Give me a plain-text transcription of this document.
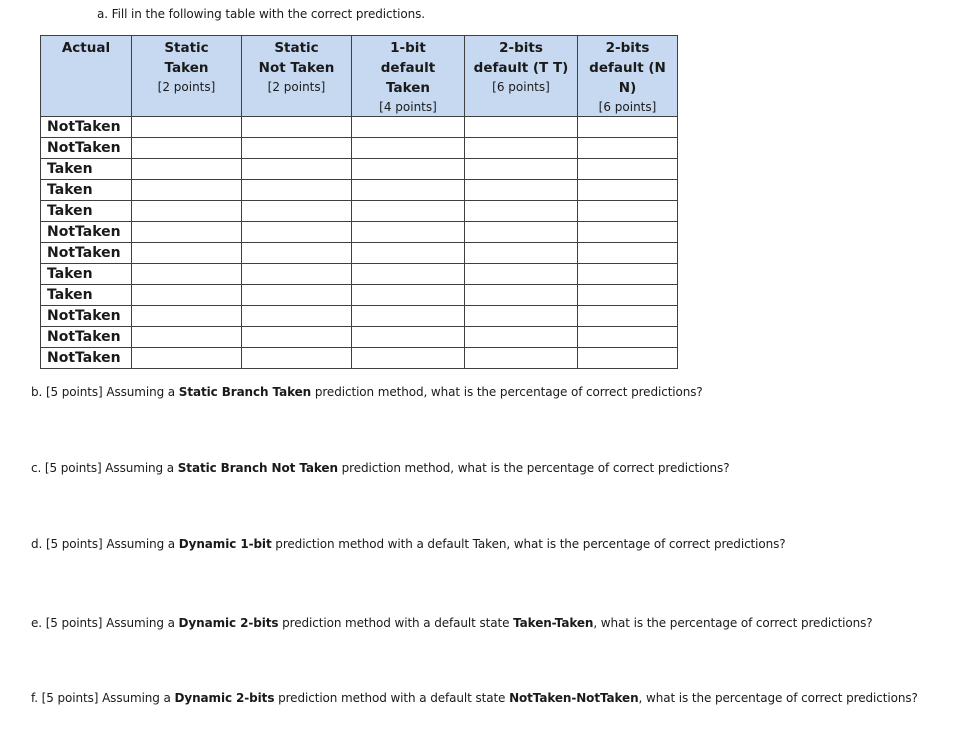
a. Fill in the following table with the correct predictions.
Actual	Static
Taken
[2 points]	Static
Not Taken
[2 points]	1-bit
default
Taken
[4 points]	2-bits
default (T T)
[6 points]	2-bits
default (N
N)
[6 points]

NotTaken					
NotTaken					
Taken					
Taken					
Taken					
NotTaken					
NotTaken					
Taken					
Taken					
NotTaken					
NotTaken					
NotTaken					
b. [5 points] Assuming a Static Branch Taken prediction method, what is the percentage of correct predictions?
c. [5 points] Assuming a Static Branch Not Taken prediction method, what is the percentage of correct predictions?
d. [5 points] Assuming a Dynamic 1-bit prediction method with a default Taken, what is the percentage of correct predictions?
e. [5 points] Assuming a Dynamic 2-bits prediction method with a default state Taken-Taken, what is the percentage of correct predictions?
f. [5 points] Assuming a Dynamic 2-bits prediction method with a default state NotTaken-NotTaken, what is the percentage of correct predictions?
